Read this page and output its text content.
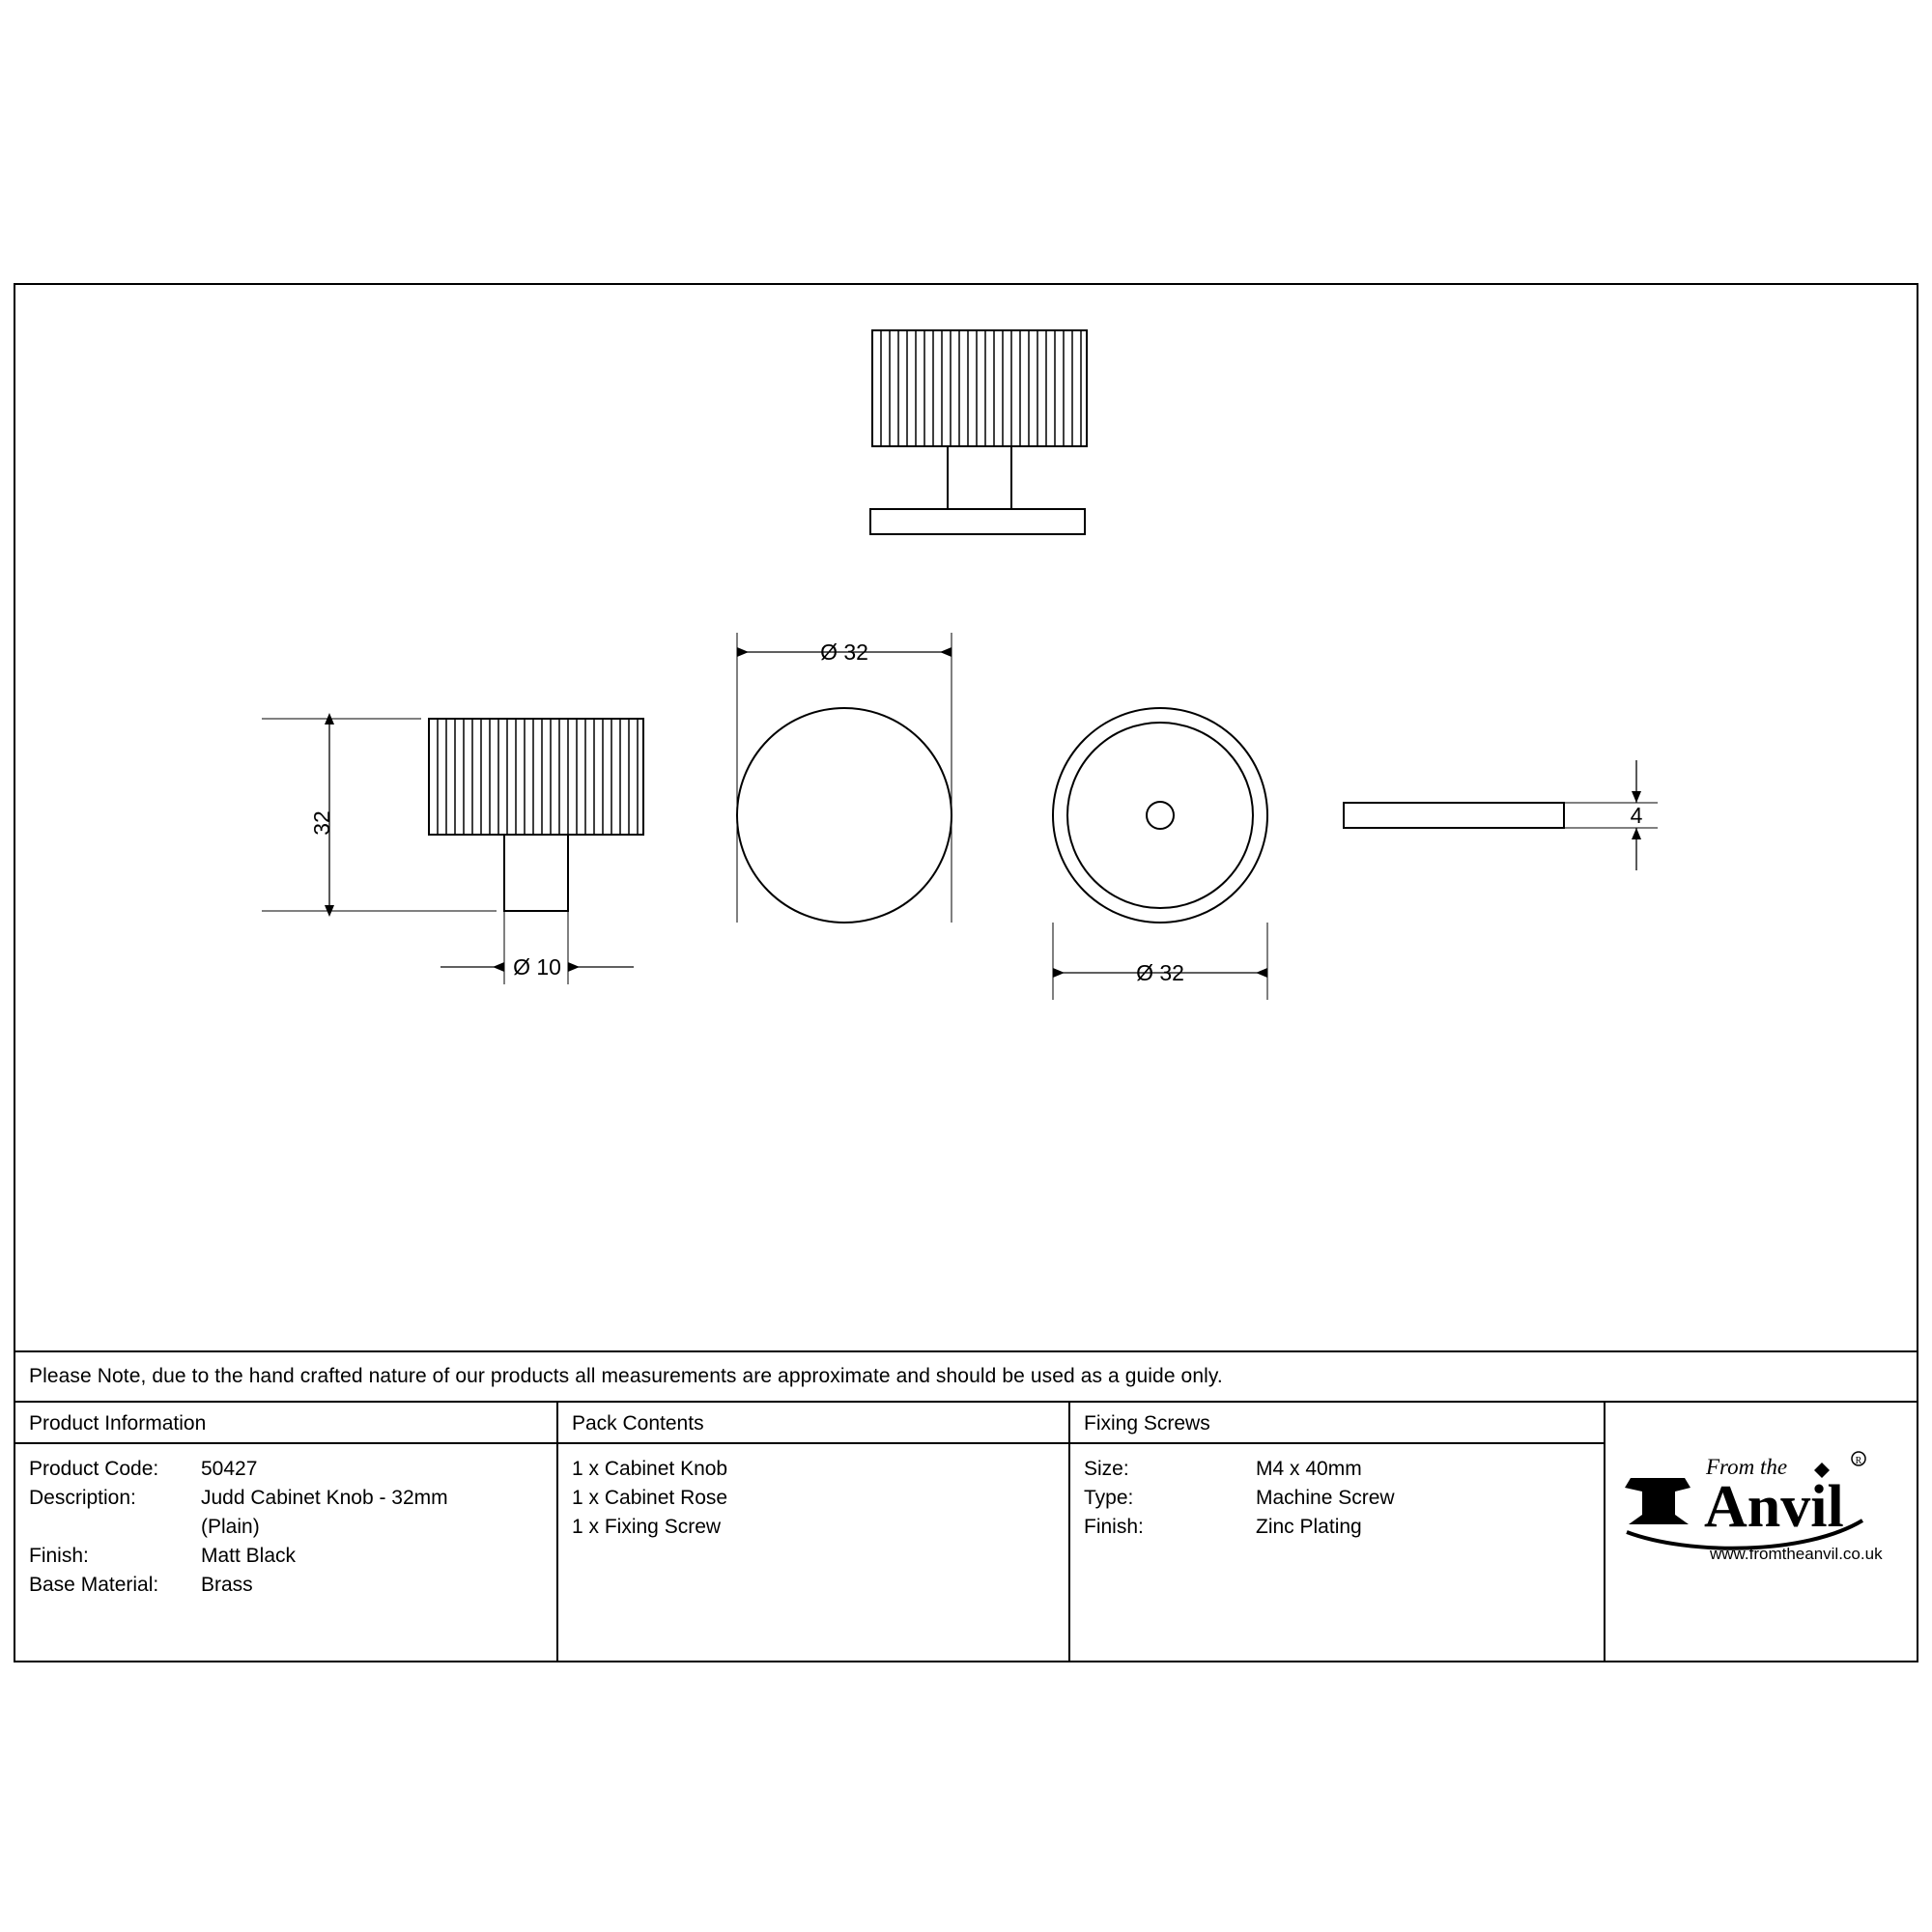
32
Ø 10
Ø 32
Ø 32
4
Please Note, due to the hand crafted nature of our products all measurements are approximate and should be used as a guide only.
Product Information
Product Code:	50427
Description:	Judd Cabinet Knob - 32mm
(Plain)
Finish:	Matt Black
Base Material:	Brass
Pack Contents
1 x Cabinet Knob
1 x Cabinet Rose
1 x Fixing Screw
Fixing Screws
Size:	M4 x 40mm
Type:	Machine Screw
Finish:	Zinc Plating
From the	R
Anvil
www.fromtheanvil.co.uk
